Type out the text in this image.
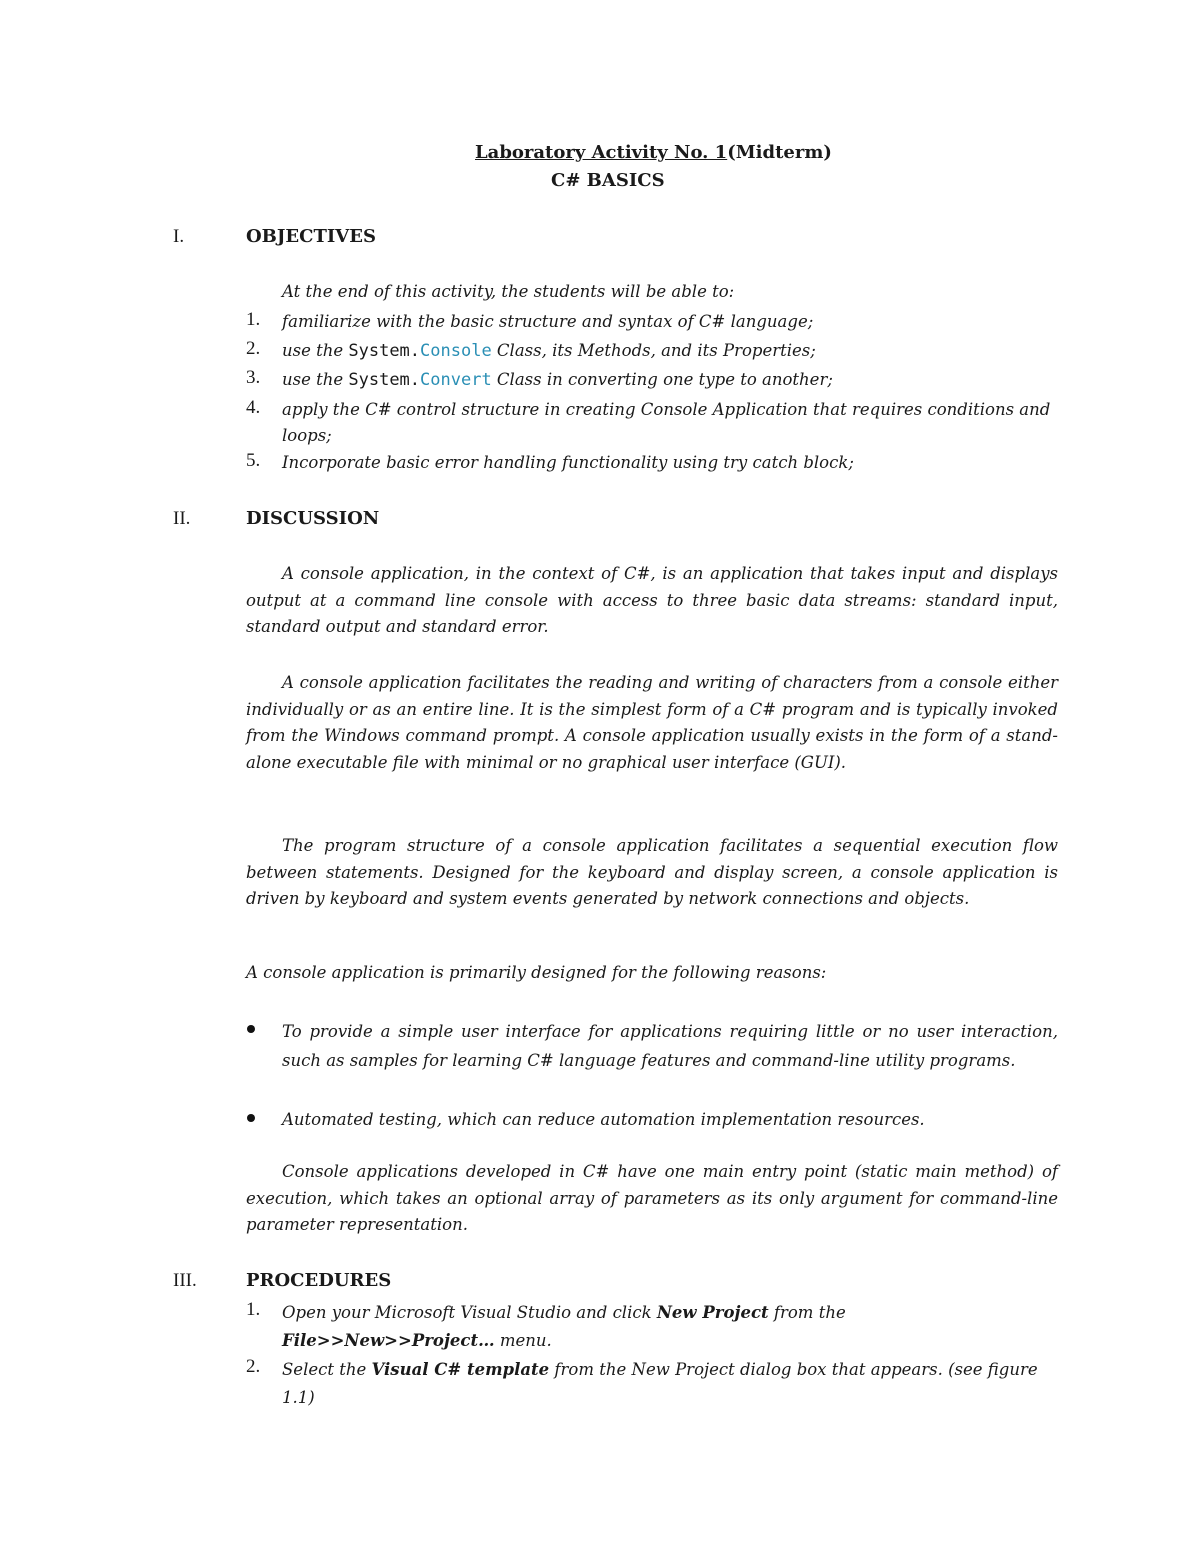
Laboratory Activity No. 1(Midterm)
C# BASICS
I.	OBJECTIVES
At the end of this activity, the students will be able to:
1. familiarize with the basic structure and syntax of C# language;
2. use the System.Console Class, its Methods, and its Properties;
3. use the System.Convert Class in converting one type to another;
4. apply the C# control structure in creating Console Application that requires conditions and loops;
5. Incorporate basic error handling functionality using try catch block;
II.	DISCUSSION
A console application, in the context of C#, is an application that takes input and displays output at a command line console with access to three basic data streams: standard input, standard output and standard error.
A console application facilitates the reading and writing of characters from a console either individually or as an entire line. It is the simplest form of a C# program and is typically invoked from the Windows command prompt. A console application usually exists in the form of a stand-alone executable file with minimal or no graphical user interface (GUI).
The program structure of a console application facilitates a sequential execution flow between statements. Designed for the keyboard and display screen, a console application is driven by keyboard and system events generated by network connections and objects.
A console application is primarily designed for the following reasons:
To provide a simple user interface for applications requiring little or no user interaction, such as samples for learning C# language features and command-line utility programs.
Automated testing, which can reduce automation implementation resources.
Console applications developed in C# have one main entry point (static main method) of execution, which takes an optional array of parameters as its only argument for command-line parameter representation.
III.	PROCEDURES
1. Open your Microsoft Visual Studio and click New Project from the File>>New>>Project… menu.
2. Select the Visual C# template from the New Project dialog box that appears. (see figure 1.1)
